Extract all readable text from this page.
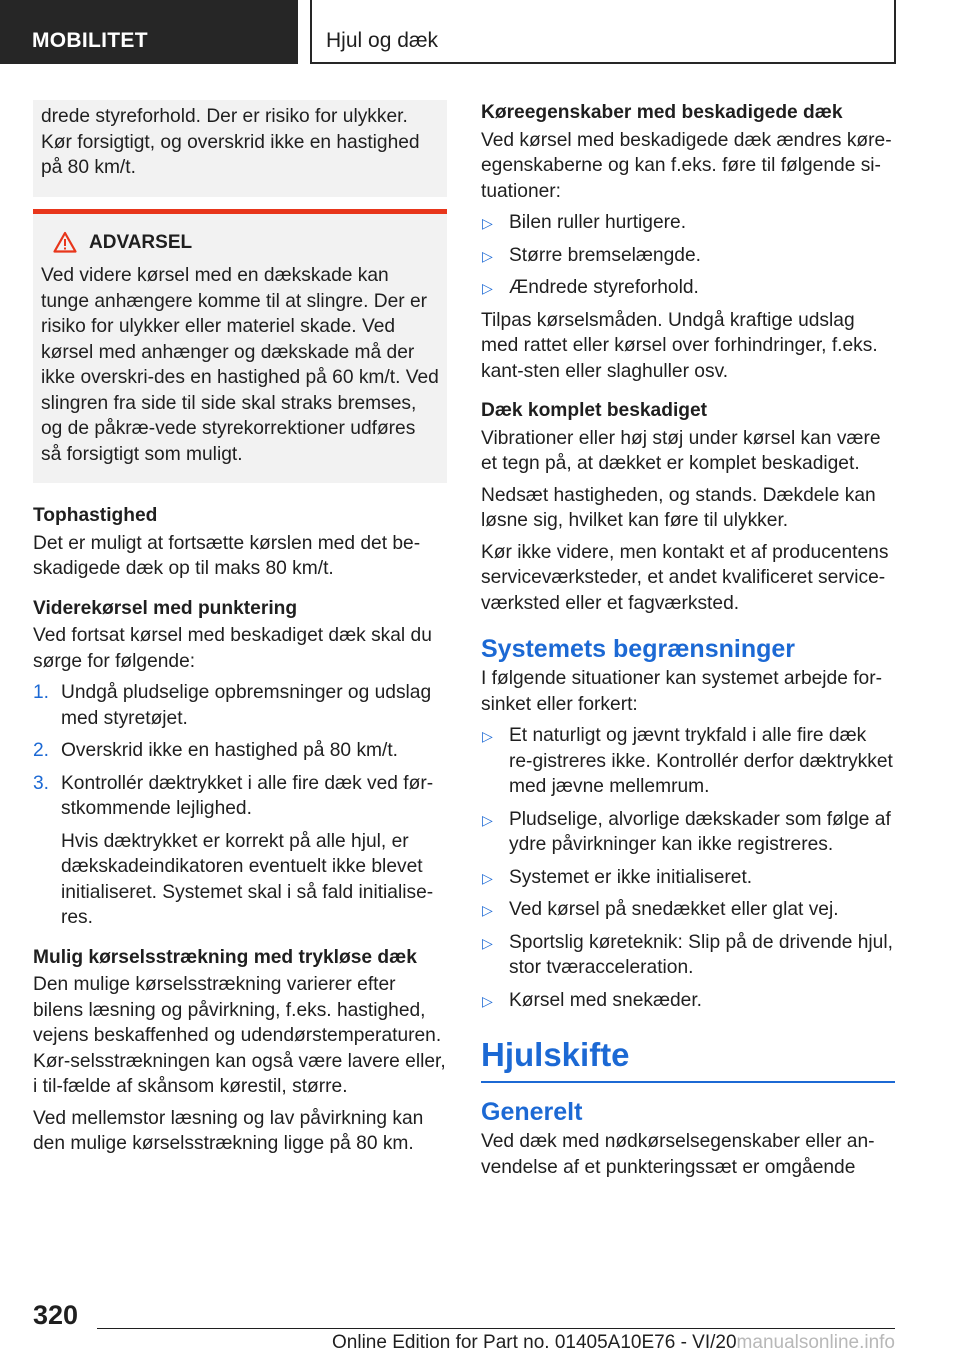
MOBILITET	Hjul og dæk

drede styreforhold. Der er risiko for ulykker. Kør forsigtigt, og overskrid ikke en hastighed på 80 km/t.

ADVARSEL

Ved videre kørsel med en dækskade kan tunge anhængere komme til at slingre. Der er risiko for ulykker eller materiel skade. Ved kørsel med anhænger og dækskade må der ikke overskri-des en hastighed på 60 km/t. Ved slingren fra side til side skal straks bremses, og de påkræ-vede styrekorrektioner udføres så forsigtigt som muligt.

Tophastighed

Det er muligt at fortsætte kørslen med det be-skadigede dæk op til maks 80 km/t.

Viderekørsel med punktering

Ved fortsat kørsel med beskadiget dæk skal du sørge for følgende:

1. Undgå pludselige opbremsninger og udslag med styretøjet.
2. Overskrid ikke en hastighed på 80 km/t.
3. Kontrollér dæktrykket i alle fire dæk ved før-stkommende lejlighed.
Hvis dæktrykket er korrekt på alle hjul, er dækskadeindikatoren eventuelt ikke blevet initialiseret. Systemet skal i så fald initialise-res.
Mulig kørselsstrækning med trykløse dæk

Den mulige kørselsstrækning varierer efter bilens læsning og påvirkning, f.eks. hastighed, vejens beskaffenhed og udendørstemperaturen. Kør-selsstrækningen kan også være lavere eller, i til-fælde af skånsom kørestil, større.

Ved mellemstor læsning og lav påvirkning kan den mulige kørselsstrækning ligge på 80 km.

Køreegenskaber med beskadigede dæk

Ved kørsel med beskadigede dæk ændres køre-egenskaberne og kan f.eks. føre til følgende si-tuationer:

▷ Bilen ruller hurtigere.
▷ Større bremselængde.
▷ Ændrede styreforhold.

Tilpas kørselsmåden. Undgå kraftige udslag med rattet eller kørsel over forhindringer, f.eks. kant-sten eller slaghuller osv.

Dæk komplet beskadiget

Vibrationer eller høj støj under kørsel kan være et tegn på, at dækket er komplet beskadiget.

Nedsæt hastigheden, og stands. Dækdele kan løsne sig, hvilket kan føre til ulykker.

Kør ikke videre, men kontakt et af producentens serviceværksteder, et andet kvalificeret service-værksted eller et fagværksted.

Systemets begrænsninger

I følgende situationer kan systemet arbejde for-sinket eller forkert:

▷ Et naturligt og jævnt trykfald i alle fire dæk re-gistreres ikke. Kontrollér derfor dæktrykket med jævne mellemrum.
▷ Pludselige, alvorlige dækskader som følge af ydre påvirkninger kan ikke registreres.
▷ Systemet er ikke initialiseret.
▷ Ved kørsel på snedækket eller glat vej.
▷ Sportslig køreteknik: Slip på de drivende hjul, stor tværacceleration.
▷ Kørsel med snekæder.
Hjulskifte
Generelt

Ved dæk med nødkørselsegenskaber eller an-vendelse af et punkteringssæt er omgående

320
Online Edition for Part no. 01405A10E76 - VI/20manualsonline.info
